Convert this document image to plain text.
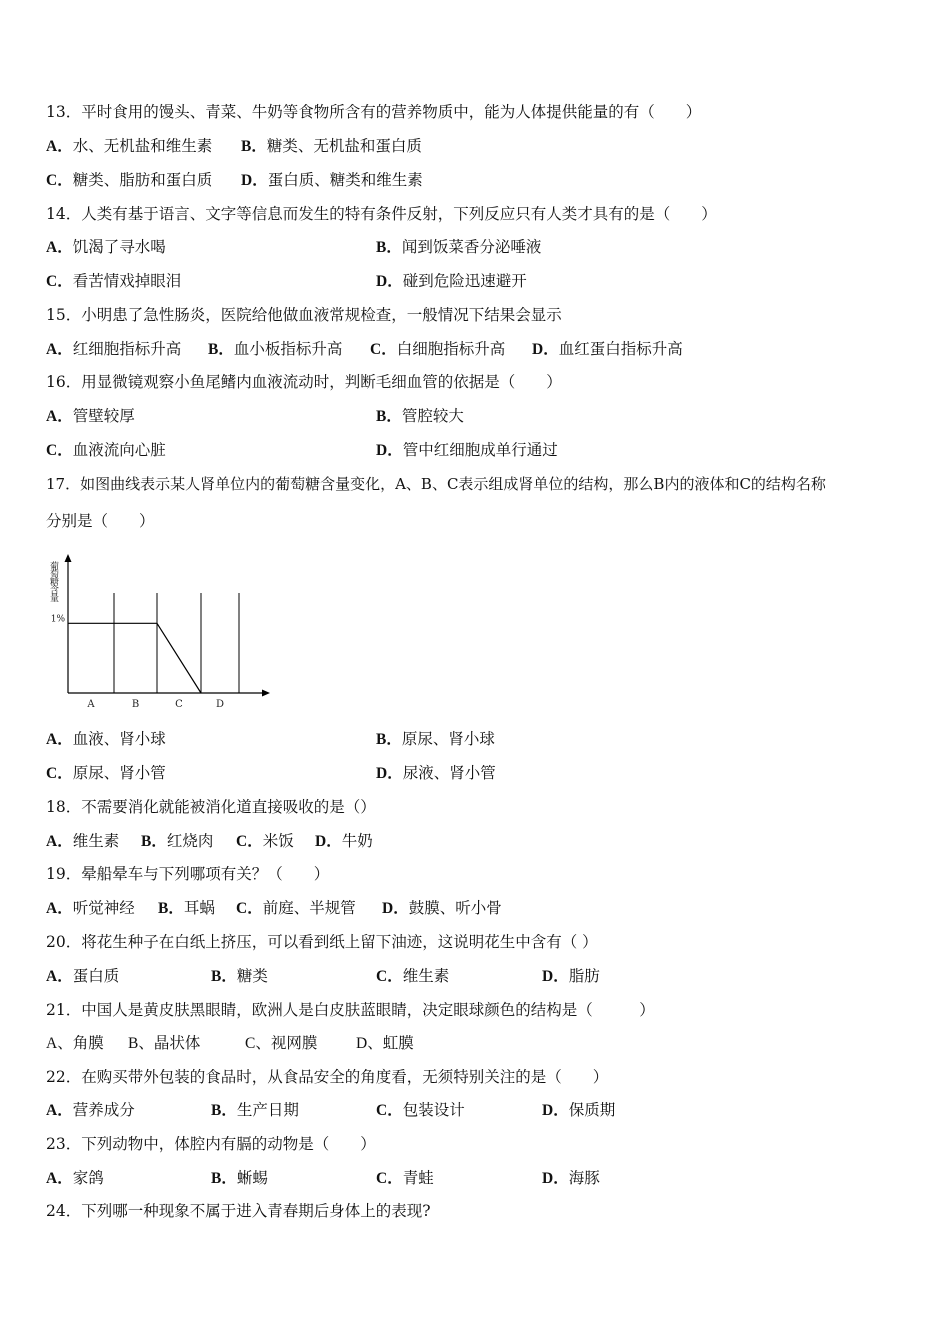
13．平时食用的馒头、青菜、牛奶等食物所含有的营养物质中，能为人体提供能量的有（　　）
A．水、无机盐和维生素 B．糖类、无机盐和蛋白质
C．糖类、脂肪和蛋白质 D．蛋白质、糖类和维生素
14．人类有基于语言、文字等信息而发生的特有条件反射，下列反应只有人类才具有的是（　　）
A．饥渴了寻水喝	B．闻到饭菜香分泌唾液
C．看苦情戏掉眼泪	D．碰到危险迅速避开
15．小明患了急性肠炎，医院给他做血液常规检查，一般情况下结果会显示
A．红细胞指标升高 B．血小板指标升高 C．白细胞指标升高 D．血红蛋白指标升高
16．用显微镜观察小鱼尾鳍内血液流动时，判断毛细血管的依据是（　　）
A．管壁较厚	B．管腔较大
C．血液流向心脏	D．管中红细胞成单行通过
17．如图曲线表示某人肾单位内的葡萄糖含量变化，A、B、C表示组成肾单位的结构，那么B内的液体和C的结构名称
分别是（　　）
A	B	C	D
1%
葡萄糖含量
A．血液、肾小球	B．原尿、肾小球
C．原尿、肾小管	D．尿液、肾小管
18．不需要消化就能被消化道直接吸收的是（）
A．维生素 B．红烧肉 C．米饭 D．牛奶
19．晕船晕车与下列哪项有关？（　　）
A．听觉神经 B．耳蜗 C．前庭、半规管 D．鼓膜、听小骨
20．将花生种子在白纸上挤压，可以看到纸上留下油迹，这说明花生中含有（ ）
A．蛋白质	B．糖类	C．维生素	D．脂肪
21．中国人是黄皮肤黑眼睛，欧洲人是白皮肤蓝眼睛，决定眼球颜色的结构是（　　　）
A、角膜 B、晶状体	C、视网膜 D、虹膜
22．在购买带外包装的食品时，从食品安全的角度看，无须特别关注的是（　　）
A．营养成分	B．生产日期	C．包装设计	D．保质期
23．下列动物中，体腔内有膈的动物是（　　）
A．家鸽	B．蜥蜴	C．青蛙	D．海豚
24．下列哪一种现象不属于进入青春期后身体上的表现?
